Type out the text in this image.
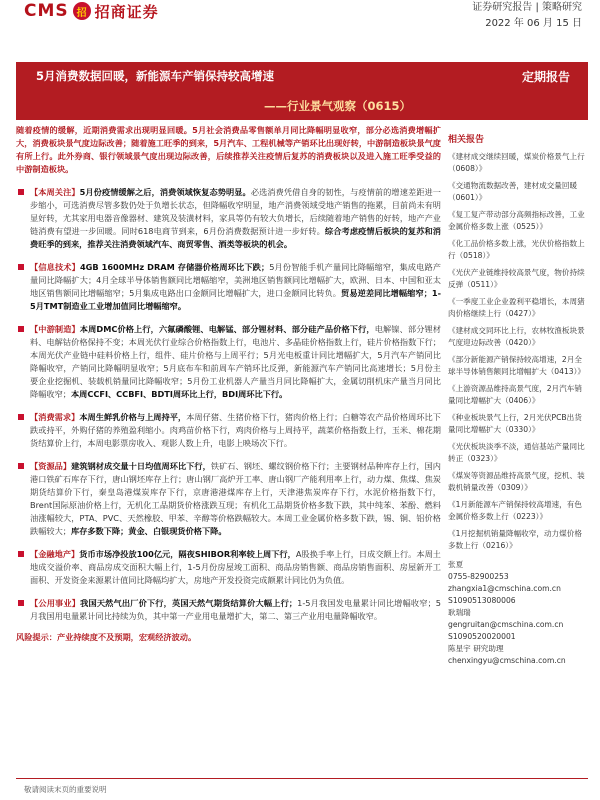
CMS 招 招商证券	证券研究报告 | 策略研究
2022 年 06 月 15 日
5月消费数据回暖，新能源车产销保持较高增速
——行业景气观察（0615）
定期报告

随着疫情的缓解，近期消费需求出现明显回暖。5月社会消费品零售额单月同比降幅明显收窄，部分必选消费增幅扩大，消费板块景气度边际改善；随着施工旺季的到来，5月汽车、工程机械等产销环比出现好转，中游制造板块景气度有所上行。此外券商、银行领域景气度出现边际改善，后续推荐关注疫情后复苏的消费板块以及进入施工旺季受益的中游制造板块。

【本周关注】5月份疫情缓解之后，消费领域恢复态势明显。必选消费凭借自身的韧性，与疫情前的增速差距进一步缩小，可选消费尽管多数仍处于负增长状态，但降幅收窄明显，地产消费领域受地产销售的拖累，目前尚未有明显好转，尤其家用电器音像器材、建筑及装潢材料，家具等仍有较大负增长，后续随着地产销售的好转，地产产业链消费有望进一步回暖。同时618电商节到来，6月份消费数据预计进一步好转。综合考虑疫情后板块的复苏和消费旺季的到来，推荐关注消费领域汽车、商贸零售、酒类等板块的机会。
【信息技术】4GB 1600MHz DRAM 存储器价格周环比下跌；5月份智能手机产量同比降幅缩窄，集成电路产量同比降幅扩大；4月全球半导体销售额同比增幅缩窄，美洲地区销售额同比增幅扩大，欧洲、日本、中国和亚太地区销售额同比增幅缩窄；5月集成电路出口金额同比增幅扩大，进口金额同比转负。贸易逆差同比增幅缩窄；1-5月TMT制造业工业增加值同比增幅缩窄。
【中游制造】本周DMC价格上行，六氟磷酸锂、电解锰、部分锂材料、部分硅产品价格下行，电解镍、部分锂材料、电解钴价格保持不变；本周光伏行业综合价格指数上行，电池片、多晶硅价格指数上行，硅片价格指数下行；本周光伏产业链中硅料价格上行，组件、硅片价格与上周平行；5月光电板重计同比增幅扩大，5月汽车产销同比降幅收窄，产销同比降幅明显收窄；5月底布车和前周车产销环比反弹，新能源汽车产销同比高速增长；5月份主要企业挖掘机、装载机销量同比降幅收窄；5月份工业机器人产量当月同比降幅扩大，金属切削机床产量当月同比降幅收窄；本周CCFI、CCBFI、BDTI周环比上行，BDI周环比下行。
【消费需求】本周生鲜乳价格与上周持平，本周仔猪、生猪价格下行，猪肉价格上行；白糖等农产品价格周环比下跌或持平，外购仔猪的养殖盈利缩小。肉鸡苗价格下行，鸡肉价格与上周持平，蔬菜价格指数上行，玉米、棉花期货结算价上行，本周电影票房收入、观影人数上升，电影上映场次下行。
【资源品】建筑钢材成交量十日均值周环比下行，铁矿石、钢坯、螺纹钢价格下行；主要钢材品种库存上行，国内港口铁矿石库存下行，唐山钢坯库存上行；唐山钢厂高炉开工率、唐山钢厂产能利用率上行，动力煤、焦煤、焦炭期货结算价下行，秦皇岛港煤炭库存下行，京唐港港煤库存上行，天津港焦炭库存下行，水泥价格指数下行，Brent国际原油价格上行，无机化工品期货价格涨跌互现；有机化工品期货价格多数下跌，其中纯苯、苯酚、燃料油涨幅较大，PTA、PVC、天然橡胶、甲苯、辛醇等价格跌幅较大。本周工业金属价格多数下跌，锡、铜、铝价格跌幅较大；库存多数下降；黄金、白银现货价格下降。
【金融地产】货币市场净投放100亿元，隔夜SHIBOR利率较上周下行，A股换手率上行，日成交额上行。本周土地成交溢价率、商品房成交面积大幅上行，1-5月份房屋竣工面积、商品房销售额、商品房销售面积、房屋新开工面积、开发资金来源累计值同比降幅均扩大，房地产开发投资完成额累计同比仍为负值。
【公用事业】我国天然气出厂价下行，英国天然气期货结算价大幅上行；1-5月我国发电量累计同比增幅收窄；5月我国用电量累计同比持续为负，其中第一产业用电量增扩大，第二、第三产业用电量降幅收窄。

风险提示：产业持续度不及预期，宏观经济波动。

相关报告
《建材成交继续回暖，煤炭价格景气上行（0608）》
《交通物流数据改善，建材成交量回暖（0601）》
《复工复产带动部分高频指标改善，工业金属价格多数上涨（0525）》
《化工品价格多数上涨，光伏价格指数上行（0518）》
《光伏产业链维持较高景气度，物价持续反弹（0511）》
《一季度工业企业盈利平稳增长，本周猪肉价格继续上行（0427）》
《建材成交同环比上行，农林牧渔板块景气度迎边际改善（0420）》
《部分新能源产销保持较高增速，2月全球半导体销售额同比增幅扩大（0413）》
《上游资源品维持高景气度，2月汽车销量同比增幅扩大（0406）》
《种业板块景气上行，2月光伏PCB出货量同比增幅扩大（0330）》
《光伏板块淡季不淡，通信基站产量同比转正（0323）》
《煤炭等资源品维持高景气度，挖机、装载机销量改善（0309）》
《1月新能源车产销保持较高增速，有色金属价格多数上行（0223）》
《1月挖掘机销量降幅收窄，动力煤价格多数上行（0216）》
张夏
0755-82900253
zhangxia1@cmschina.com.cn
S1090513080006
耿瑞瑞
gengruitan@cmschina.com.cn
S1090520020001
陈星宇 研究助理
chenxingyu@cmschina.com.cn
敬请阅读末页的重要说明
